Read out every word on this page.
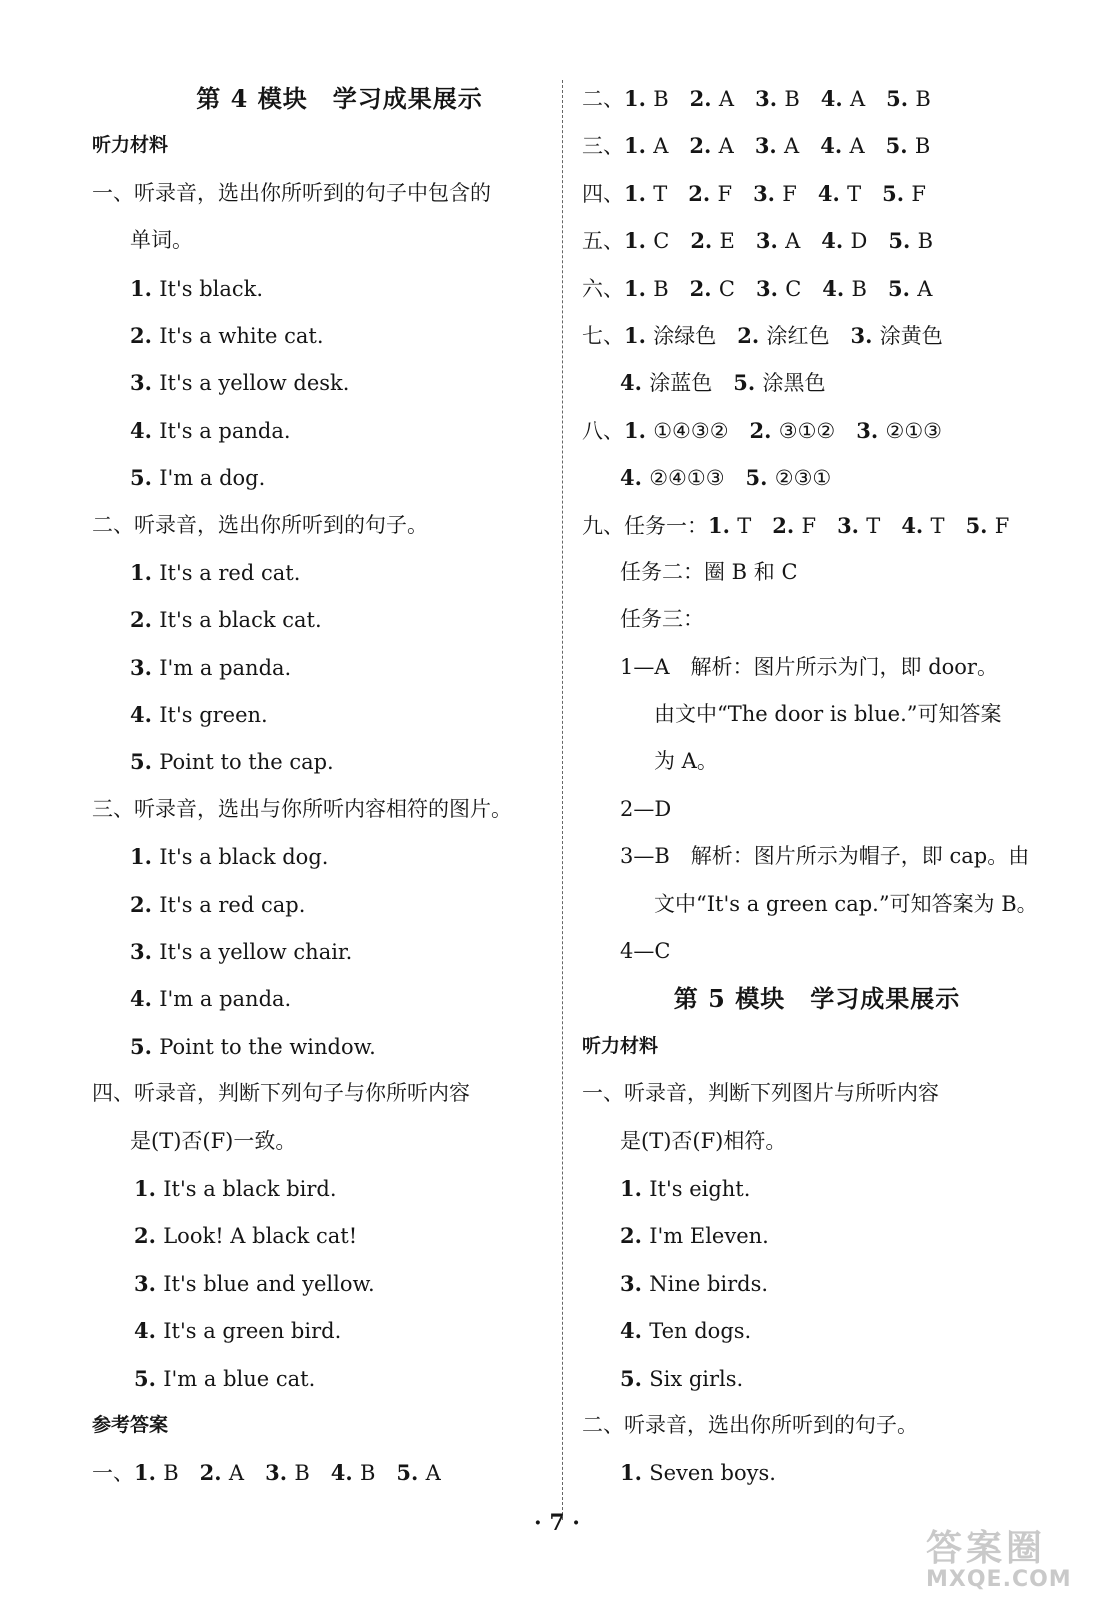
第 4 模块　学习成果展示
听力材料
一、听录音，选出你所听到的句子中包含的
单词。
1. It's black.
2. It's a white cat.
3. It's a yellow desk.
4. It's a panda.
5. I'm a dog.
二、听录音，选出你所听到的句子。
1. It's a red cat.
2. It's a black cat.
3. I'm a panda.
4. It's green.
5. Point to the cap.
三、听录音，选出与你所听内容相符的图片。
1. It's a black dog.
2. It's a red cap.
3. It's a yellow chair.
4. I'm a panda.
5. Point to the window.
四、听录音，判断下列句子与你所听内容
是(T)否(F)一致。
1. It's a black bird.
2. Look! A black cat!
3. It's blue and yellow.
4. It's a green bird.
5. I'm a blue cat.
参考答案
一、1. B　 2. A　 3. B　 4. B　 5. A
二、1. B　 2. A　 3. B　 4. A　 5. B
三、1. A　 2. A　 3. A　 4. A　 5. B
四、1. T　 2. F　 3. F　 4. T　 5. F
五、1. C　 2. E　 3. A　 4. D　 5. B
六、1. B　 2. C　 3. C　 4. B　 5. A
七、1. 涂绿色　 2. 涂红色　 3. 涂黄色
4. 涂蓝色　 5. 涂黑色
八、1. ①④③②　 2. ③①②　 3. ②①③
4. ②④①③　 5. ②③①
九、任务一：1. T　 2. F　 3. T　 4. T　 5. F
任务二：圈 B 和 C
任务三：
1—A　解析：图片所示为门，即 door。
由文中“The door is blue.”可知答案
为 A。
2—D
3—B　解析：图片所示为帽子，即 cap。由
文中“It's a green cap.”可知答案为 B。
4—C
第 5 模块　学习成果展示
听力材料
一、听录音，判断下列图片与所听内容
是(T)否(F)相符。
1. It's eight.
2. I'm Eleven.
3. Nine birds.
4. Ten dogs.
5. Six girls.
二、听录音，选出你所听到的句子。
1. Seven boys.
· 7 ·
答案圈
MXQE.COM
